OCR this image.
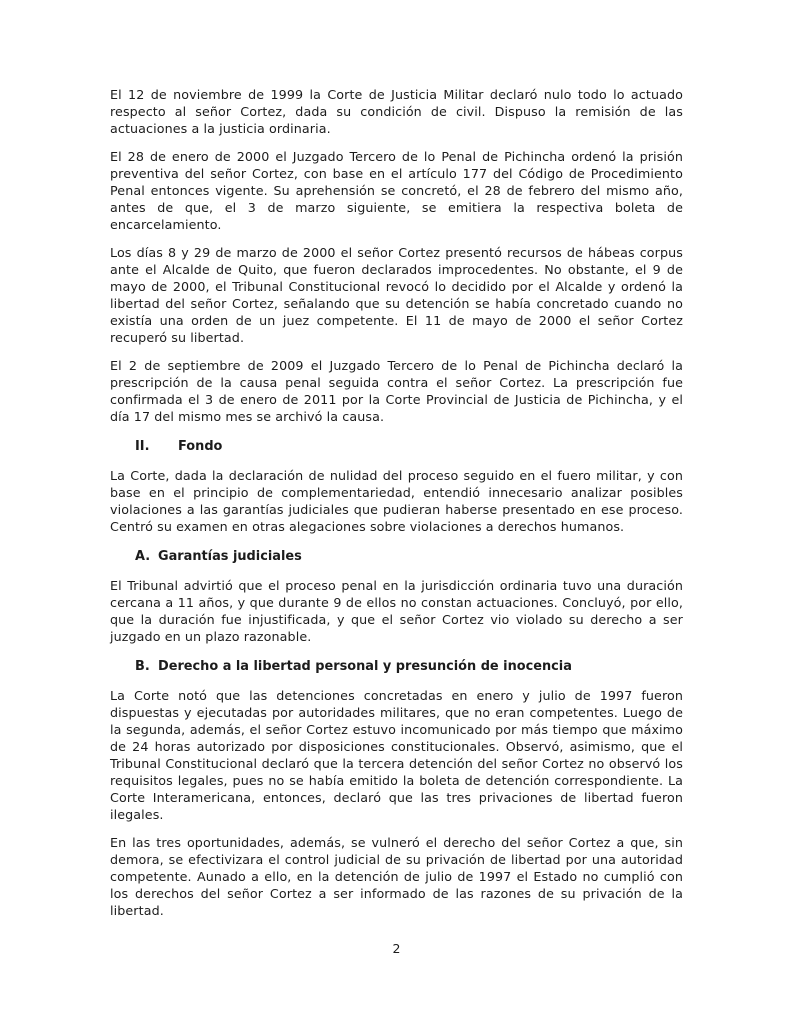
El 12 de noviembre de 1999 la Corte de Justicia Militar declaró nulo todo lo actuado respecto al señor Cortez, dada su condición de civil. Dispuso la remisión de las actuaciones a la justicia ordinaria.

El 28 de enero de 2000 el Juzgado Tercero de lo Penal de Pichincha ordenó la prisión preventiva del señor Cortez, con base en el artículo 177 del Código de Procedimiento Penal entonces vigente. Su aprehensión se concretó, el 28 de febrero del mismo año, antes de que, el 3 de marzo siguiente, se emitiera la respectiva boleta de encarcelamiento.

Los días 8 y 29 de marzo de 2000 el señor Cortez presentó recursos de hábeas corpus ante el Alcalde de Quito, que fueron declarados improcedentes. No obstante, el 9 de mayo de 2000, el Tribunal Constitucional revocó lo decidido por el Alcalde y ordenó la libertad del señor Cortez, señalando que su detención se había concretado cuando no existía una orden de un juez competente. El 11 de mayo de 2000 el señor Cortez recuperó su libertad.

El 2 de septiembre de 2009 el Juzgado Tercero de lo Penal de Pichincha declaró la prescripción de la causa penal seguida contra el señor Cortez. La prescripción fue confirmada el 3 de enero de 2011 por la Corte Provincial de Justicia de Pichincha, y el día 17 del mismo mes se archivó la causa.

II. Fondo

La Corte, dada la declaración de nulidad del proceso seguido en el fuero militar, y con base en el principio de complementariedad, entendió innecesario analizar posibles violaciones a las garantías judiciales que pudieran haberse presentado en ese proceso. Centró su examen en otras alegaciones sobre violaciones a derechos humanos.

A. Garantías judiciales

El Tribunal advirtió que el proceso penal en la jurisdicción ordinaria tuvo una duración cercana a 11 años, y que durante 9 de ellos no constan actuaciones. Concluyó, por ello, que la duración fue injustificada, y que el señor Cortez vio violado su derecho a ser juzgado en un plazo razonable.

B. Derecho a la libertad personal y presunción de inocencia

La Corte notó que las detenciones concretadas en enero y julio de 1997 fueron dispuestas y ejecutadas por autoridades militares, que no eran competentes. Luego de la segunda, además, el señor Cortez estuvo incomunicado por más tiempo que máximo de 24 horas autorizado por disposiciones constitucionales. Observó, asimismo, que el Tribunal Constitucional declaró que la tercera detención del señor Cortez no observó los requisitos legales, pues no se había emitido la boleta de detención correspondiente. La Corte Interamericana, entonces, declaró que las tres privaciones de libertad fueron ilegales.

En las tres oportunidades, además, se vulneró el derecho del señor Cortez a que, sin demora, se efectivizara el control judicial de su privación de libertad por una autoridad competente. Aunado a ello, en la detención de julio de 1997 el Estado no cumplió con los derechos del señor Cortez a ser informado de las razones de su privación de la libertad.

2
